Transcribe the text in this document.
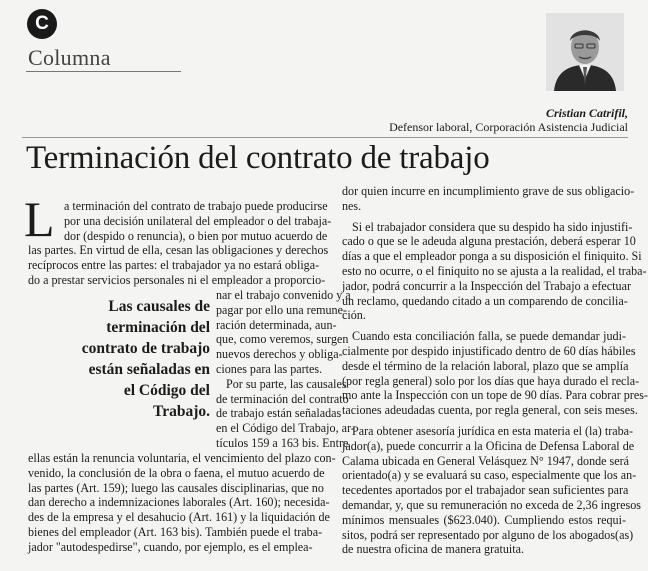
C
Columna
Cristian Catrifil,
Defensor laboral, Corporación Asistencia Judicial
Terminación del contrato de trabajo
L a terminación del contrato de trabajo puede producirse
por una decisión unilateral del empleador o del trabaja-
dor (despido o renuncia), o bien por mutuo acuerdo de
las partes. En virtud de ella, cesan las obligaciones y derechos
recíprocos entre las partes: el trabajador ya no estará obliga-
do a prestar servicios personales ni el empleador a proporcio-
Las causales de
terminación del
contrato de trabajo
están señaladas en
el Código del
Trabajo.
nar el trabajo convenido y a
pagar por ello una remune-
ración determinada, aun-
que, como veremos, surgen
nuevos derechos y obliga-
ciones para las partes.
Por su parte, las causales
de terminación del contrato
de trabajo están señaladas
en el Código del Trabajo, ar-
tículos 159 a 163 bis. Entre
ellas están la renuncia voluntaria, el vencimiento del plazo con-
venido, la conclusión de la obra o faena, el mutuo acuerdo de
las partes (Art. 159); luego las causales disciplinarias, que no
dan derecho a indemnizaciones laborales (Art. 160); necesida-
des de la empresa y el desahucio (Art. 161) y la liquidación de
bienes del empleador (Art. 163 bis). También puede el traba-
jador "autodespedirse", cuando, por ejemplo, es el emplea-
dor quien incurre en incumplimiento grave de sus obligacio-
nes.
Si el trabajador considera que su despido ha sido injustifi-
cado o que se le adeuda alguna prestación, deberá esperar 10
días a que el empleador ponga a su disposición el finiquito. Si
esto no ocurre, o el finiquito no se ajusta a la realidad, el traba-
jador, podrá concurrir a la Inspección del Trabajo a efectuar
un reclamo, quedando citado a un comparendo de concilia-
ción.
Cuando esta conciliación falla, se puede demandar judi-
cialmente por despido injustificado dentro de 60 días hábiles
desde el término de la relación laboral, plazo que se amplía
(por regla general) solo por los días que haya durado el recla-
mo ante la Inspección con un tope de 90 días. Para cobrar pres-
taciones adeudadas cuenta, por regla general, con seis meses.
Para obtener asesoría jurídica en esta materia el (la) traba-
jador(a), puede concurrir a la Oficina de Defensa Laboral de
Calama ubicada en General Velásquez N° 1947, donde será
orientado(a) y se evaluará su caso, especialmente que los an-
tecedentes aportados por el trabajador sean suficientes para
demandar, y, que su remuneración no exceda de 2,36 ingresos
mínimos mensuales ($623.040). Cumpliendo estos requi-
sitos, podrá ser representado por alguno de los abogados(as)
de nuestra oficina de manera gratuita.
